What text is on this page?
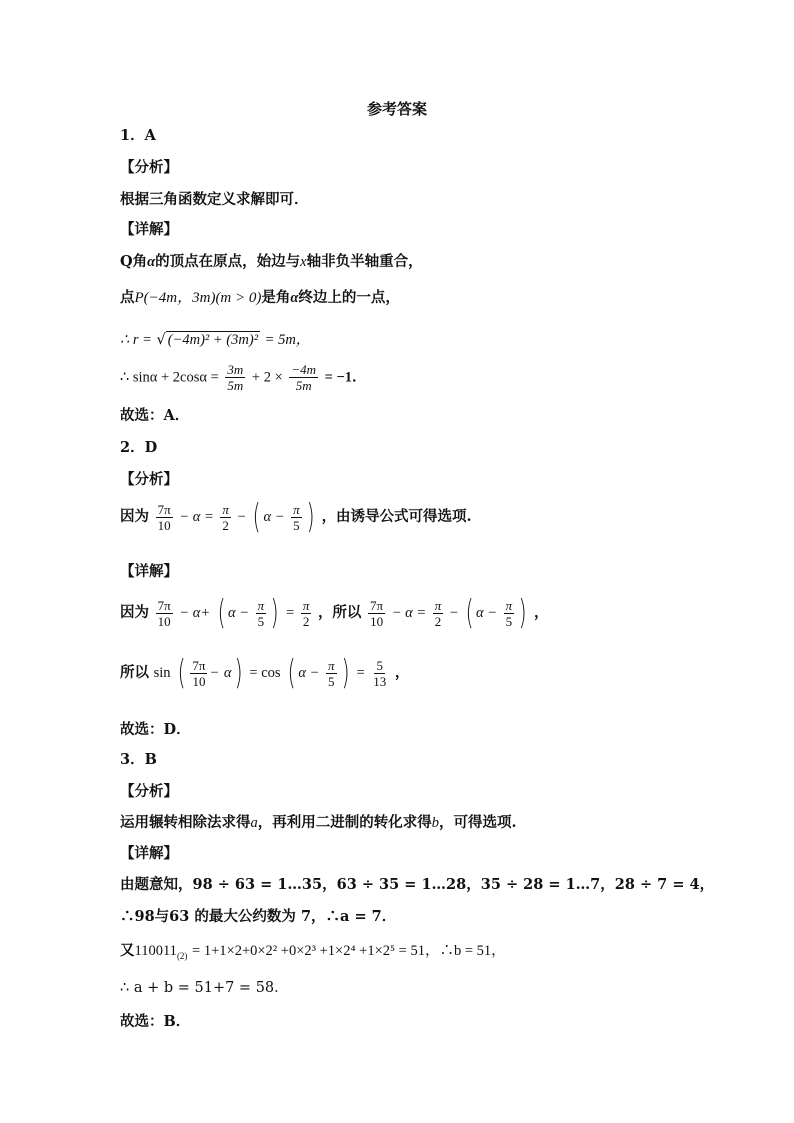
参考答案
1．A
【分析】
根据三角函数定义求解即可．
【详解】
Q角α的顶点在原点，始边与x轴非负半轴重合，
点P(−4m，3m)(m > 0)是角α终边上的一点，
∴ r = √ (−4m)² + (3m)² = 5m，
∴ $\sin\alpha + 2\cos\alpha = \frac{3m}{5m} + 2 \times \frac{-4m}{5m} = -1$．
故选：A．
2．D
【分析】
因为 $\frac{7\pi}{10} - \alpha = \frac{\pi}{2}$ − ( $\alpha - \frac{\pi}{5}$ ) ，由诱导公式可得选项.
【详解】
因为 $\frac{7\pi}{10} - \alpha+$ ( $\alpha - \frac{\pi}{5}$ ) = $\frac{\pi}{2}$ ，所以 $\frac{7\pi}{10} - \alpha = \frac{\pi}{2}$ − ( $\alpha - \frac{\pi}{5}$ ) ，
所以 sin ( $\frac{7\pi}{10} - \alpha) = \cos$ ( $\alpha - \frac{\pi}{5}$ ) = $\frac{5}{13}$ ，
故选：D．
3．B
【分析】
运用辗转相除法求得a，再利用二进制的转化求得b，可得选项.
【详解】
由题意知，98 ÷ 63 = 1…35，63 ÷ 35 = 1…28，35 ÷ 28 = 1…7，28 ÷ 7 = 4，
∴98与63 的最大公约数为 7，∴a = 7．
又$110011_{(2)} = 1+1\times 2+0\times 2^2 +0\times 2^3 +1\times 2^4 +1\times 2^5 = 51$，∴b = 51，
∴ a + b = 51+7 = 58．
故选：B．
